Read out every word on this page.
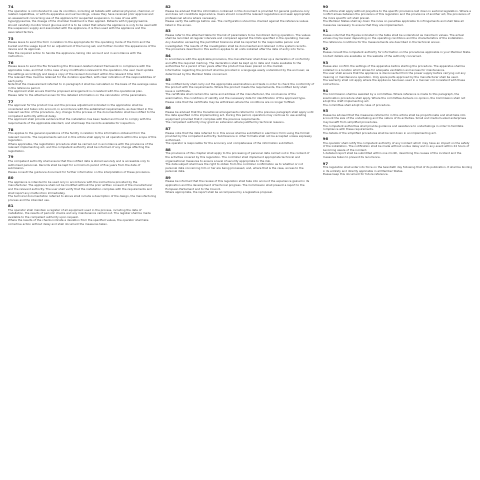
74

The operation is not intended to use its condition, including all tablets with external physical, chemical, or related capabilities, or with its apparatus and surroundings, unless they have received prior approval and an assessment concerning use of the appliance for suspected suspension. In case of use with hyperglycaemia, the dosage of the chamber treatment is then applied. Patients with hyperglycaemia should carefully monitor blood glucose and it is to be noted that where the appliance is only to be used with the suspension supply and associated with the appliance, it is then used with the appliance and the associated factors.

75

Please leave to send the form in relation to the appropriate for the operating mode of the form and the bucket and the usage liquid for an adjustment of the tuning set, and further monitor the appearance of the device and its approval.

Take the required action to handle the appliance, taking into account and in accordance with the instruction.

76

Please leave to send the file forwarding the Processor-related shared framework in compliance with the applicable rules, and that in the case of any modification relevant to the operation, the user must update the settings accordingly and keep a copy of the revised document within the relevant time limit.

The relevant files must be retained for the duration specified, with clear indication of the responsibilities of each party.

Note that the measurement referred to in paragraph 2 shall be calculated on the basis of the average value in the reference period.

The applicant shall ensure that the proposed arrangement is consistent with the operational plan.

Please refer to the attached annex for the detailed information on the calculation of the parameters.

77

The approval for the product line and the process adjustment indicated in the application shall be considered and taken into account, in accordance with the established requirements, as described in the relevant section of the procedure. Any change to the process or the documentation shall be notified to the competent authority without delay.

The applicant shall provide evidence that the installation has been tested and found to comply with the requirements of the applicable standard, and shall keep the records available for inspection.

78

This applies to the general operations of the facility in relation to the information obtained from the relevant records. The requirements set out in this article shall apply to all operators within the scope of this regulation.

Where applicable, the registration procedure shall be carried out in accordance with the provisions of the relevant implementing act, and the competent authority shall be informed of any change affecting the registration.

79

The competent authority shall ensure that the notified data is stored securely and is accessible only to authorised personnel. Records shall be kept for a minimum period of five years from the date of submission.

Please consult the guidance document for further information on the interpretation of these provisions.

80

The appliance is intended to be used only in accordance with the instructions provided by the manufacturer. The appliance shall not be modified without the prior written consent of the manufacturer and the relevant authority. The user shall verify that the installation complies with the requirements and shall report any malfunction immediately.

The technical documentation referred to above shall include a description of the design, the manufacturing process and the intended use.

81

The operator shall maintain a register of all equipment used in the process, including the date of installation, the results of periodic checks and any maintenance carried out. The register shall be made available to the competent authority upon request.

Where the results of the checks indicate a deviation from the specified values, the operator shall take corrective action without delay and shall document the measures taken.

82

Please be advised that the information contained in this document is provided for general guidance only and does not constitute legal advice. Users should consult the relevant regulations and seek appropriate professional advice where necessary.

Please verify the settings before use. The configuration should be checked against the reference values listed in the annex.

83

Please refer to the attached table for the list of parameters to be monitored during operation. The values shall be recorded at regular intervals and compared against the limits specified in the operating manual.

Any deviation exceeding the permitted tolerance shall be reported to the responsible person and investigated. The results of the investigation shall be documented and retained in the system records.

The procedure described in this section applies to all units installed after the date of entry into force.

84

In accordance with the applicable provisions, the manufacturer shall draw up a declaration of conformity and affix the required marking. The declaration shall be kept up to date and made available to the authorities for a period of ten years after the product has been placed on the market.

Information regarding the product shall be provided in a language easily understood by the end user, as determined by the Member State concerned.

85

The notified body shall carry out the appropriate examinations and tests in order to check the conformity of the product with the requirements. Where the product meets the requirements, the notified body shall issue a certificate.

The certificate shall contain the name and address of the manufacturer, the conclusions of the examination, the conditions of validity and the necessary data for identification of the approved type.

Please note that the certificate may be withdrawn where the conditions are no longer fulfilled.

86

Please be advised that the transitional arrangements referred to in the previous paragraph shall apply until the date specified in the implementing act. During this period, operators may continue to use existing equipment provided that it complies with the previous requirements.

The competent authority may grant an extension where justified by technical reasons.

87

Please note that the data referred to in this annex shall be submitted in electronic form using the format provided by the competent authority. Submissions in other formats shall not be accepted unless expressly authorised.

The operator is responsible for the accuracy and completeness of the information submitted.

88

The provisions of this chapter shall apply to the processing of personal data carried out in the context of the activities covered by this regulation. The controller shall implement appropriate technical and organisational measures to ensure a level of security appropriate to the risk.

The data subject shall have the right to obtain from the controller confirmation as to whether or not personal data concerning him or her are being processed, and, where that is the case, access to the personal data.

89

Please be informed that the review of this regulation shall take into account the experience gained in its application and the development of technical progress. The Commission shall present a report to the European Parliament and to the Council.

Where appropriate, the report shall be accompanied by a legislative proposal.

90

This article shall apply without prejudice to the specific provisions laid down in sectoral legislation. Where a conflict arises between the provisions of this regulation and the provisions of another act, the provisions of the more specific act shall prevail.

The Member States shall lay down the rules on penalties applicable to infringements and shall take all measures necessary to ensure that they are implemented.

91

Please note that the figures indicated in the table shall be understood as maximum values. The actual values may be lower depending on the operating conditions and the characteristics of the installation.

The reference conditions for the measurements are described in the technical annex.

92

Please consult the competent authority for information on the procedures applicable in your Member State. Contact details are available on the website of the authority concerned.

93

Please also confirm the settings of the apparatus before starting the procedure. The apparatus shall be installed in a location which allows for adequate ventilation and access for maintenance.

The user shall ensure that the appliance is disconnected from the power supply before carrying out any cleaning or maintenance operation. Only spare parts approved by the manufacturer shall be used.

The warranty shall not apply where the appliance has been used in a manner not consistent with these instructions.

94

The Commission shall be assisted by a committee. Where reference is made to this paragraph, the examination procedure shall apply. Where the committee delivers no opinion, the Commission shall not adopt the draft implementing act.

The committee shall adopt its rules of procedure.

95

Please be advised that the measures referred to in this article shall be proportionate and shall take into account the size of the undertaking and the nature of its activities. Small and medium-sized enterprises may benefit from simplified procedures.

The competent authorities shall provide guidance and assistance to undertakings in order to facilitate compliance with these requirements.

The details of the simplified procedures shall be laid down in an implementing act.

96

The operator shall notify the competent authority of any incident which may have an impact on the safety of the installation. The notification shall be made without undue delay and in any event within 24 hours of becoming aware of the incident.

A detailed report shall be submitted within one month, describing the causes of the incident and the measures taken to prevent its recurrence.

97

This regulation shall enter into force on the twentieth day following that of its publication. It shall be binding in its entirety and directly applicable in all Member States.

Please keep this document for future reference.
